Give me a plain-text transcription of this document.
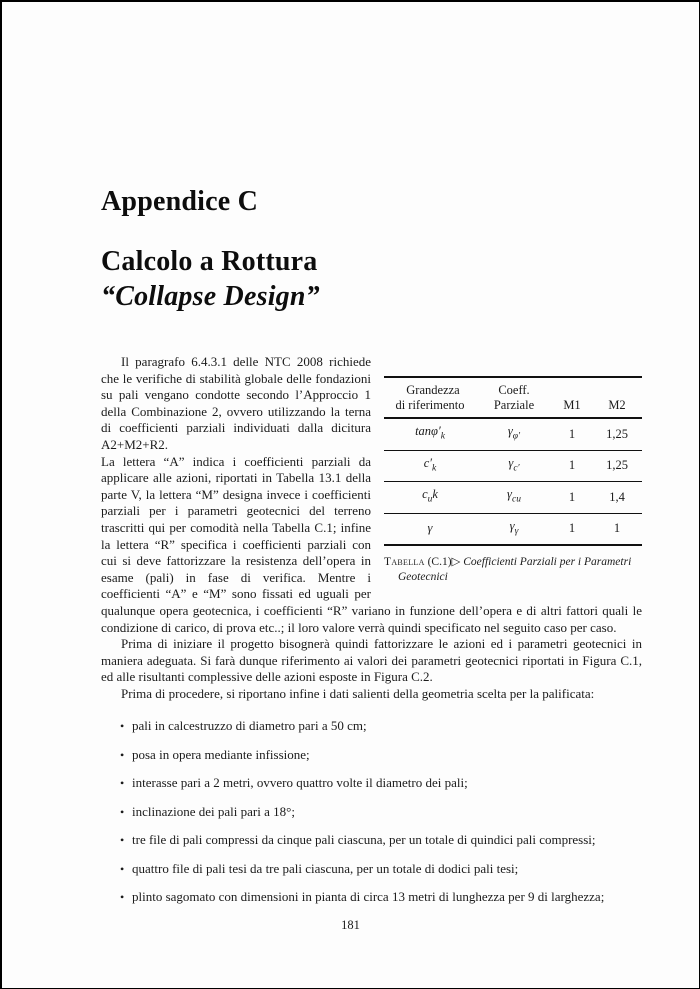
Appendice C
Calcolo a Rottura
“Collapse Design”
Grandezza
di riferimento	Coeff. Parziale	M1	M2
$\tan\varphi'_k$	$\gamma_{\varphi'}$	1	1,25
$c'_k$	$\gamma_{c'}$	1	1,25
$c_uk$	$\gamma_{cu}$	1	1,4
γ	$\gamma_\gamma$	1	1
Tabella (C.1)▷ Coefficienti Parziali per i Parametri Geotecnici

Il paragrafo 6.4.3.1 delle NTC 2008 richiede che le verifiche di stabilità globale delle fondazioni su pali vengano condotte secondo l’Approccio 1 della Combinazione 2, ovvero utilizzando la terna di coefficienti parziali individuati dalla dicitura A2+M2+R2.

La lettera “A” indica i coefficienti parziali da applicare alle azioni, riportati in Tabella 13.1 della parte V, la lettera “M” designa invece i coefficienti parziali per i parametri geotecnici del terreno trascritti qui per comodità nella Tabella C.1; infine la lettera “R” specifica i coefficienti parziali con cui si deve fattorizzare la resistenza dell’opera in esame (pali) in fase di verifica. Mentre i coefficienti “A” e “M” sono fissati ed uguali per qualunque opera geotecnica, i coefficienti “R” variano in funzione dell’opera e di altri fattori quali le condizione di carico, di prova etc..; il loro valore verrà quindi specificato nel seguito caso per caso.

Prima di iniziare il progetto bisognerà quindi fattorizzare le azioni ed i parametri geotecnici in maniera adeguata. Si farà dunque riferimento ai valori dei parametri geotecnici riportati in Figura C.1, ed alle risultanti complessive delle azioni esposte in Figura C.2.

Prima di procedere, si riportano infine i dati salienti della geometria scelta per la palificata:

• pali in calcestruzzo di diametro pari a 50 cm;
• posa in opera mediante infissione;
• interasse pari a 2 metri, ovvero quattro volte il diametro dei pali;
• inclinazione dei pali pari a 18°;
• tre file di pali compressi da cinque pali ciascuna, per un totale di quindici pali compressi;
• quattro file di pali tesi da tre pali ciascuna, per un totale di dodici pali tesi;
• plinto sagomato con dimensioni in pianta di circa 13 metri di lunghezza per 9 di larghezza;
181
